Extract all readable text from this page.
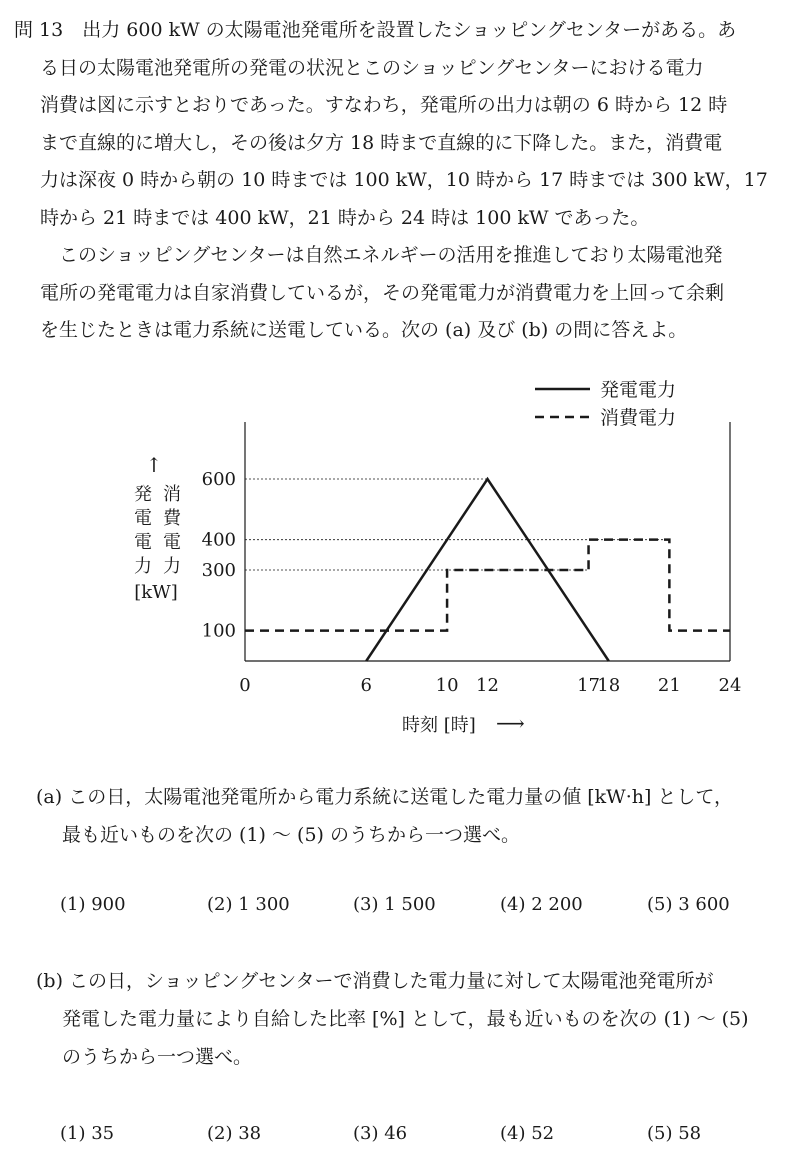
問 13　 出力 600 kW の太陽電池発電所を設置したショッピングセンターがある。あ
る日の太陽電池発電所の発電の状況とこのショッピングセンターにおける電力
消費は図に示すとおりであった。すなわち，発電所の出力は朝の 6 時から 12 時
まで直線的に増大し，その後は夕方 18 時まで直線的に下降した。また，消費電
力は深夜 0 時から朝の 10 時までは 100 kW，10 時から 17 時までは 300 kW，17
時から 21 時までは 400 kW，21 時から 24 時は 100 kW であった。
　このショッピングセンターは自然エネルギーの活用を推進しており太陽電池発
電所の発電電力は自家消費しているが，その発電電力が消費電力を上回って余剰
を生じたときは電力系統に送電している。次の (a) 及び (b) の問に答えよ。
発電電力
消費電力
↑
消
費
電
力
発
電
電
力
[kW]
100
300
400
600
0	6	10 12	17
18 21 24
時刻 [時] ⟶
(a) この日，太陽電池発電所から電力系統に送電した電力量の値 [kW·h] として，
最も近いものを次の (1) ～ (5) のうちから一つ選べ。
(1) 900	(2) 1 300	(3) 1 500	(4) 2 200	(5) 3 600
(b) この日，ショッピングセンターで消費した電力量に対して太陽電池発電所が
発電した電力量により自給した比率 [%] として，最も近いものを次の (1) ～ (5)
のうちから一つ選べ。
(1) 35	(2) 38	(3) 46	(4) 52	(5) 58
